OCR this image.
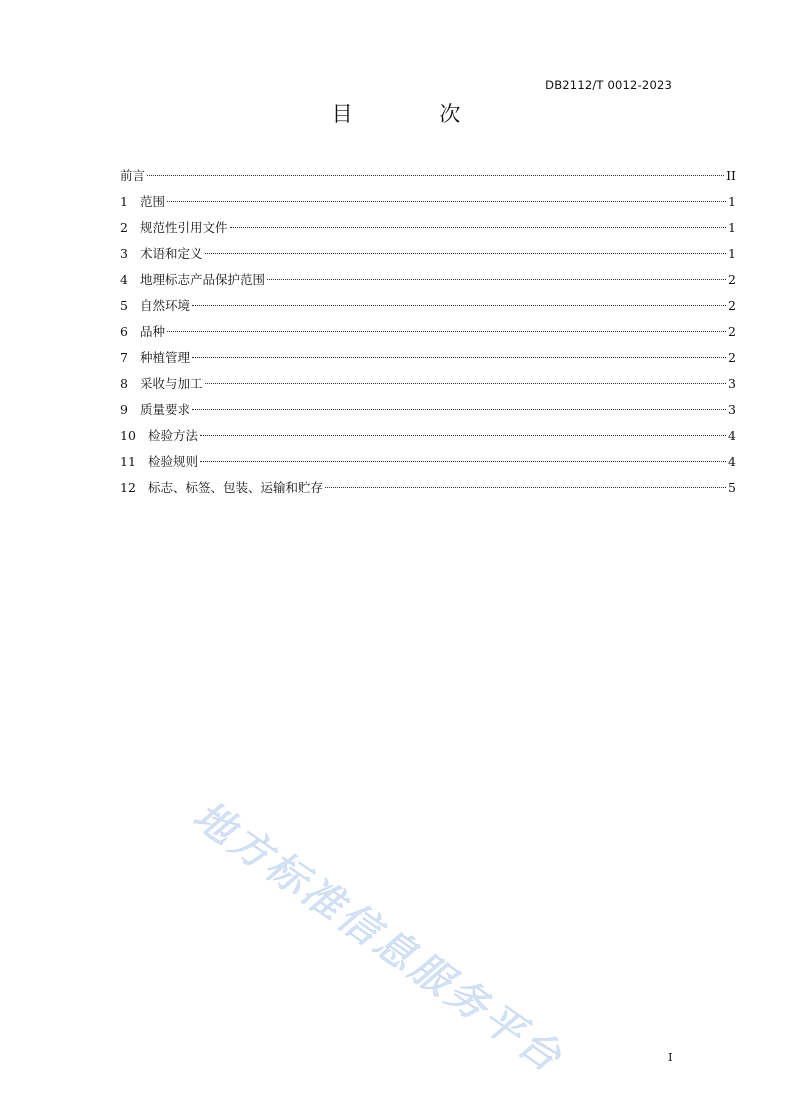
DB2112/T 0012-2023
目 次
前言	II
1 范围	1
2 规范性引用文件	1
3 术语和定义	1
4 地理标志产品保护范围	2
5 自然环境	2
6 品种	2
7 种植管理	2
8 采收与加工	3
9 质量要求	3
10 检验方法	4
11 检验规则	4
12 标志、标签、包装、运输和贮存	5
地方标准信息服务平台	I
